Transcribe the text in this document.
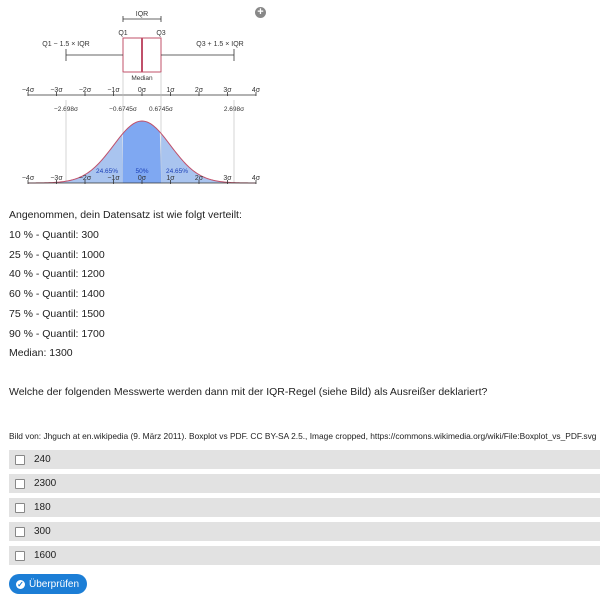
IQR
Q1	Q3
Q1 − 1.5 × IQR	Q3 + 1.5 × IQR
Median
−4σ −3σ −2σ −1σ	0σ	1σ	2σ	3σ	4σ
−2.698σ	−0.6745σ 0.6745σ	2.698σ
24.65%	50%	24.65%
−4σ −3σ −2σ −1σ	0σ	1σ	2σ	3σ	4σ
+
Angenommen, dein Datensatz ist wie folgt verteilt:
10 % - Quantil: 300
25 % - Quantil: 1000
40 % - Quantil: 1200
60 % - Quantil: 1400
75 % - Quantil: 1500
90 % - Quantil: 1700
Median: 1300
Welche der folgenden Messwerte werden dann mit der IQR-Regel (siehe Bild) als Ausreißer deklariert?
Bild von: Jhguch at en.wikipedia (9. März 2011). Boxplot vs PDF. CC BY-SA 2.5., Image cropped, https://commons.wikimedia.org/wiki/File:Boxplot_vs_PDF.svg
240
2300
180
300
1600
✓ Überprüfen
